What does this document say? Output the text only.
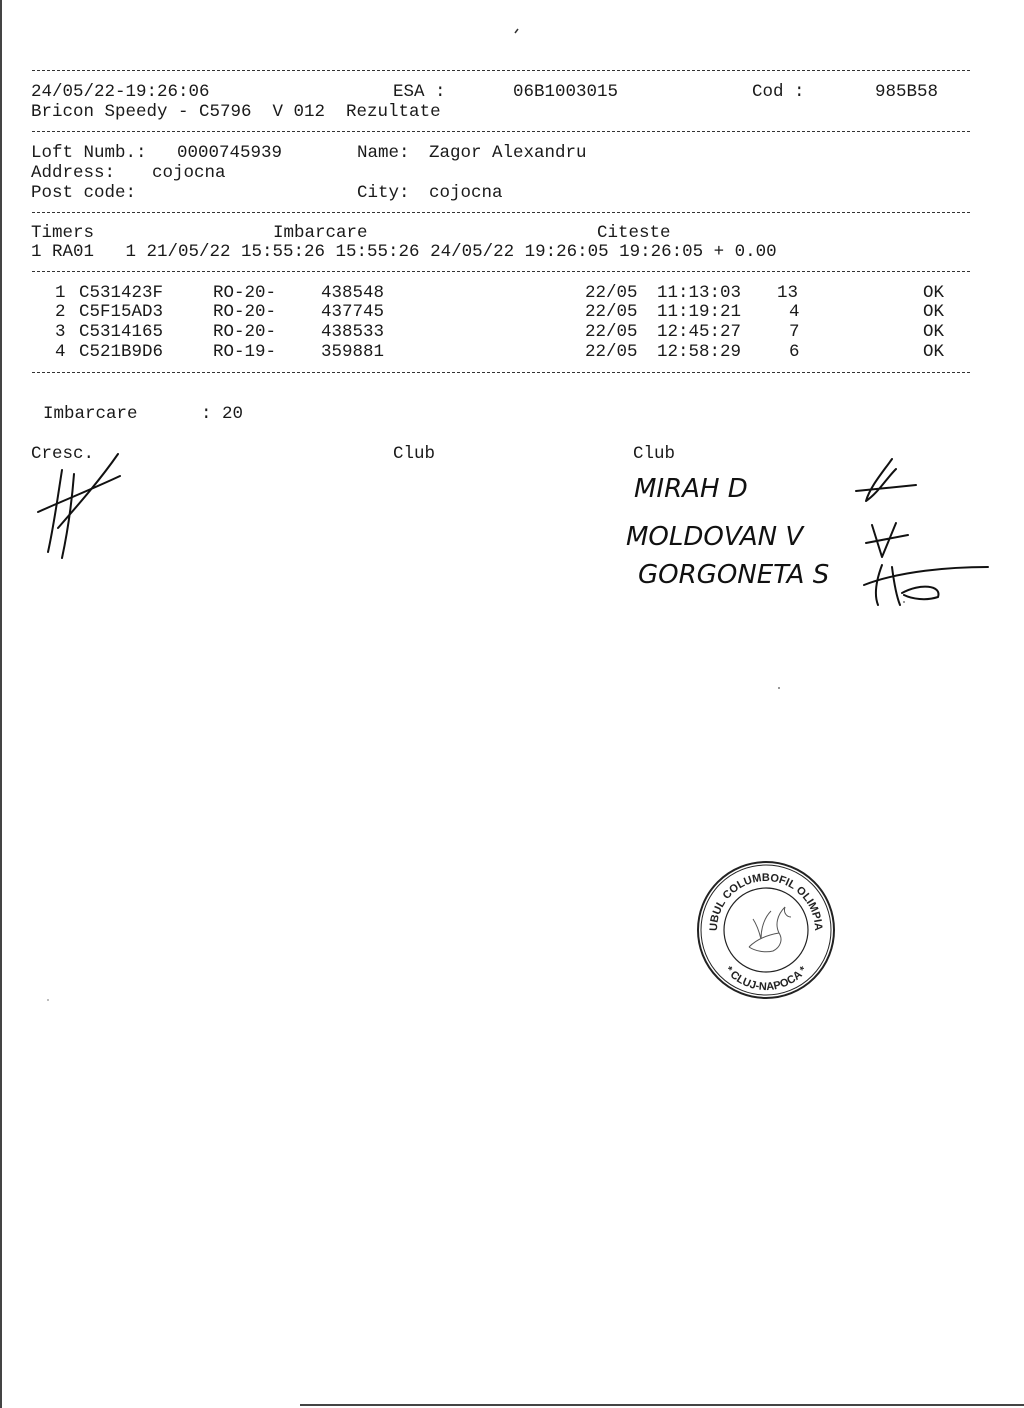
24/05/22-19:26:06	ESA :	06B1003015	Cod :	985B58
Bricon Speedy - C5796  V 012  Rezultate
Loft Numb.: 0000745939	Name: Zagor Alexandru
Address: cojocna
Post code:	City: cojocna
Timers	Imbarcare	Citeste
1 RA01   1 21/05/22 15:55:26 15:55:26 24/05/22 19:26:05 19:26:05 + 0.00
1 C531423F	RO-20-	438548	22/05 11:13:03 13	OK
2 C5F15AD3	RO-20-	437745	22/05 11:19:21	4	OK
3 C5314165	RO-20-	438533	22/05 12:45:27	7	OK
4 C521B9D6	RO-19-	359881	22/05 12:58:29	6	OK
Imbarcare	: 20
Cresc.	Club	Club
MIRAH D
MOLDOVAN V
GORGONETA S
CLUBUL COLUMBOFIL OLIMPIA 04
* CLUJ-NAPOCA *
